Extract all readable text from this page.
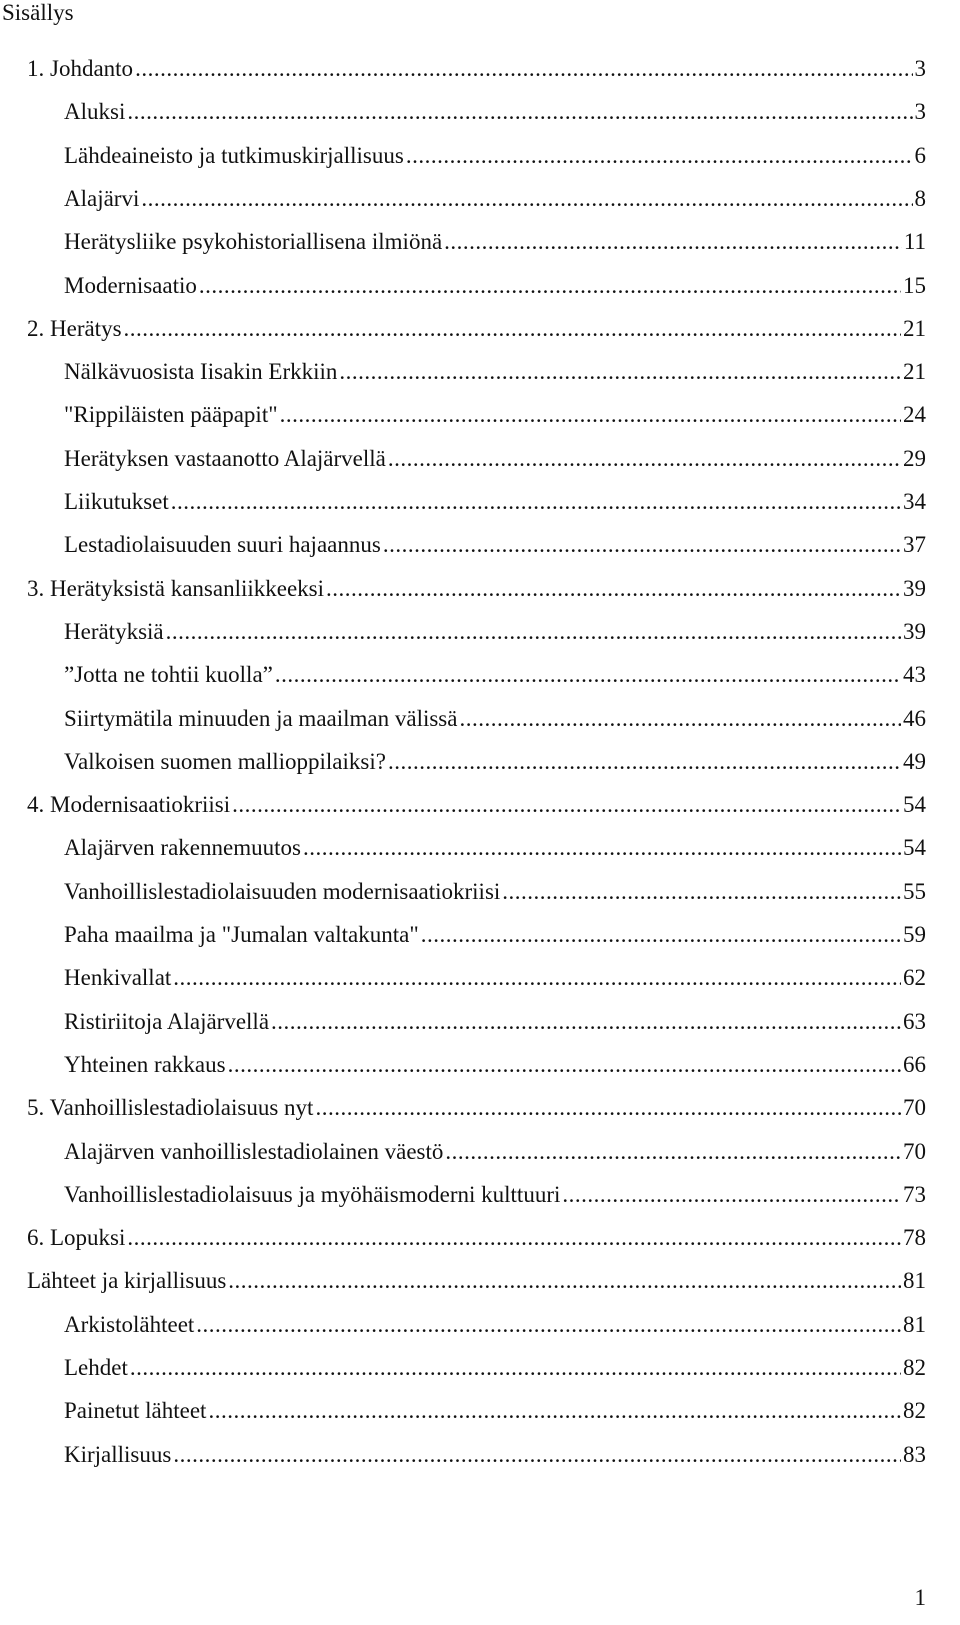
Sisällys
1. Johdanto .....	3
Aluksi .....	3
Lähdeaineisto ja tutkimuskirjallisuus .....	6
Alajärvi .....	8
Herätysliike psykohistoriallisena ilmiönä .....	11
Modernisaatio .....	15
2. Herätys .....	21
Nälkävuosista Iisakin Erkkiin .....	21
"Rippiläisten pääpapit" .....	24
Herätyksen vastaanotto Alajärvellä .....	29
Liikutukset .....	34
Lestadiolaisuuden suuri hajaannus .....	37
3. Herätyksistä kansanliikkeeksi .....	39
Herätyksiä .....	39
”Jotta ne tohtii kuolla” .....	43
Siirtymätila minuuden ja maailman välissä .....	46
Valkoisen suomen mallioppilaiksi? .....	49
4. Modernisaatiokriisi .....	54
Alajärven rakennemuutos .....	54
Vanhoillislestadiolaisuuden modernisaatiokriisi .....	55
Paha maailma ja "Jumalan valtakunta" .....	59
Henkivallat .....	62
Ristiriitoja Alajärvellä .....	63
Yhteinen rakkaus .....	66
5. Vanhoillislestadiolaisuus nyt .....	70
Alajärven vanhoillislestadiolainen väestö .....	70
Vanhoillislestadiolaisuus ja myöhäismoderni kulttuuri .....	73
6. Lopuksi .....	78
Lähteet ja kirjallisuus .....	81
Arkistolähteet .....	81
Lehdet .....	82
Painetut lähteet .....	82
Kirjallisuus .....	83
1
